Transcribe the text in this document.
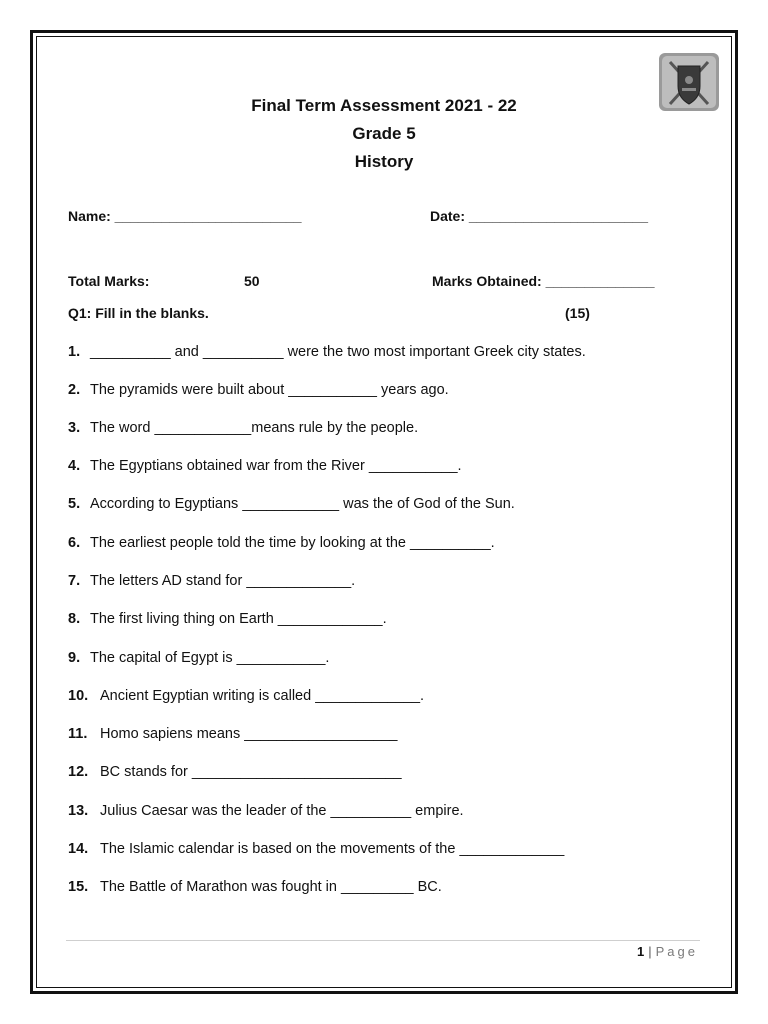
Final Term Assessment 2021 - 22
Grade 5
History
Name: ________________________	Date: _______________________
Total Marks:	50	Marks Obtained: ______________
Q1: Fill in the blanks.	(15)
1. __________ and __________ were the two most important Greek city states.
2. The pyramids were built about ___________ years ago.
3. The word ____________means rule by the people.
4. The Egyptians obtained war from the River ___________.
5. According to Egyptians ____________ was the of God of the Sun.
6. The earliest people told the time by looking at the __________.
7. The letters AD stand for _____________.
8. The first living thing on Earth _____________.
9. The capital of Egypt is ___________.
10. Ancient Egyptian writing is called _____________.
11. Homo sapiens means ___________________
12. BC stands for __________________________
13. Julius Caesar was the leader of the __________ empire.
14. The Islamic calendar is based on the movements of the _____________
15. The Battle of Marathon was fought in _________ BC.
1 | Page
